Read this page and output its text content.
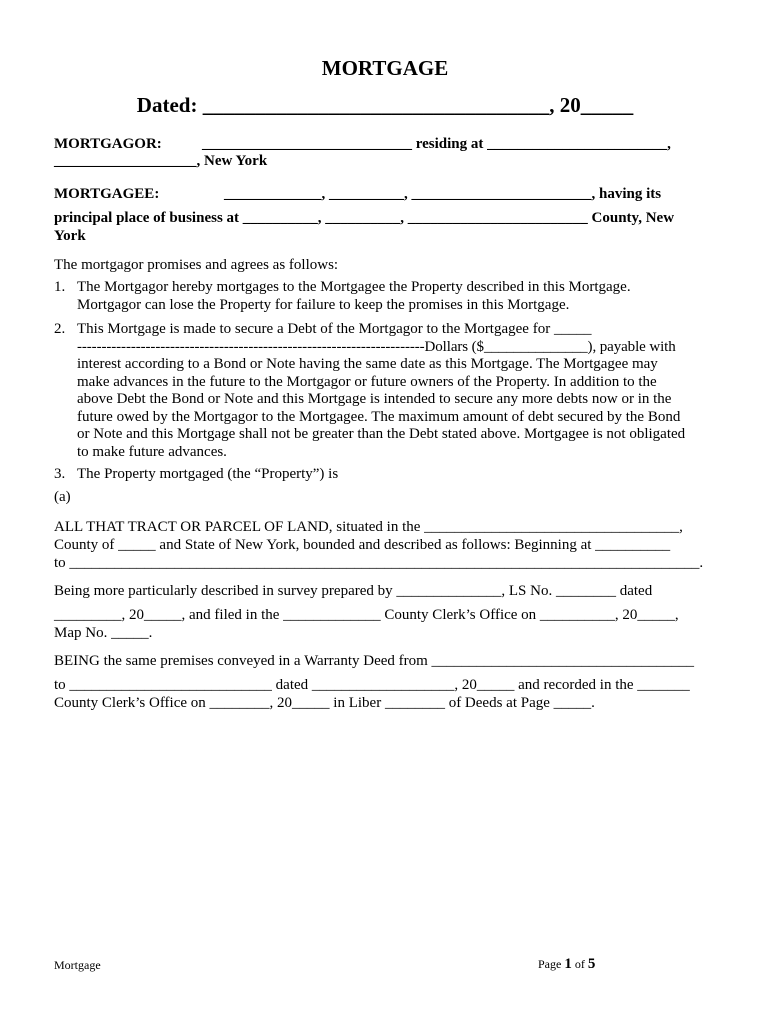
MORTGAGE
Dated: _________________________________, 20_____
MORTGAGOR:	____________________________ residing at ________________________,
___________________, New York
MORTGAGEE:	_____________, __________, ________________________, having its
principal place of business at __________, __________, ________________________ County, New
York
The mortgagor promises and agrees as follows:
1. The Mortgagor hereby mortgages to the Mortgagee the Property described in this Mortgage. Mortgagor can lose the Property for failure to keep the promises in this Mortgage.
2. This Mortgage is made to secure a Debt of the Mortgagor to the Mortgagee for _____
-----------------------------------------------------------------------Dollars ($______________), payable with
interest according to a Bond or Note having the same date as this Mortgage. The Mortgagee may make advances in the future to the Mortgagor or future owners of the Property. In addition to the above Debt the Bond or Note and this Mortgage is intended to secure any more debts now or in the future owed by the Mortgagor to the Mortgagee. The maximum amount of debt secured by the Bond or Note and this Mortgage shall not be greater than the Debt stated above. Mortgagee is not obligated to make future advances.
3. The Property mortgaged (the “Property”) is
(a)
ALL THAT TRACT OR PARCEL OF LAND, situated in the __________________________________,
County of _____ and State of New York, bounded and described as follows: Beginning at __________
to ____________________________________________________________________________________.
Being more particularly described in survey prepared by ______________, LS No. ________ dated
_________, 20_____, and filed in the _____________ County Clerk’s Office on __________, 20_____,
Map No. _____.
BEING the same premises conveyed in a Warranty Deed from ___________________________________
to ___________________________ dated ___________________, 20_____ and recorded in the _______
County Clerk’s Office on ________, 20_____ in Liber ________ of Deeds at Page _____.
Mortgage	Page 1 of 5
